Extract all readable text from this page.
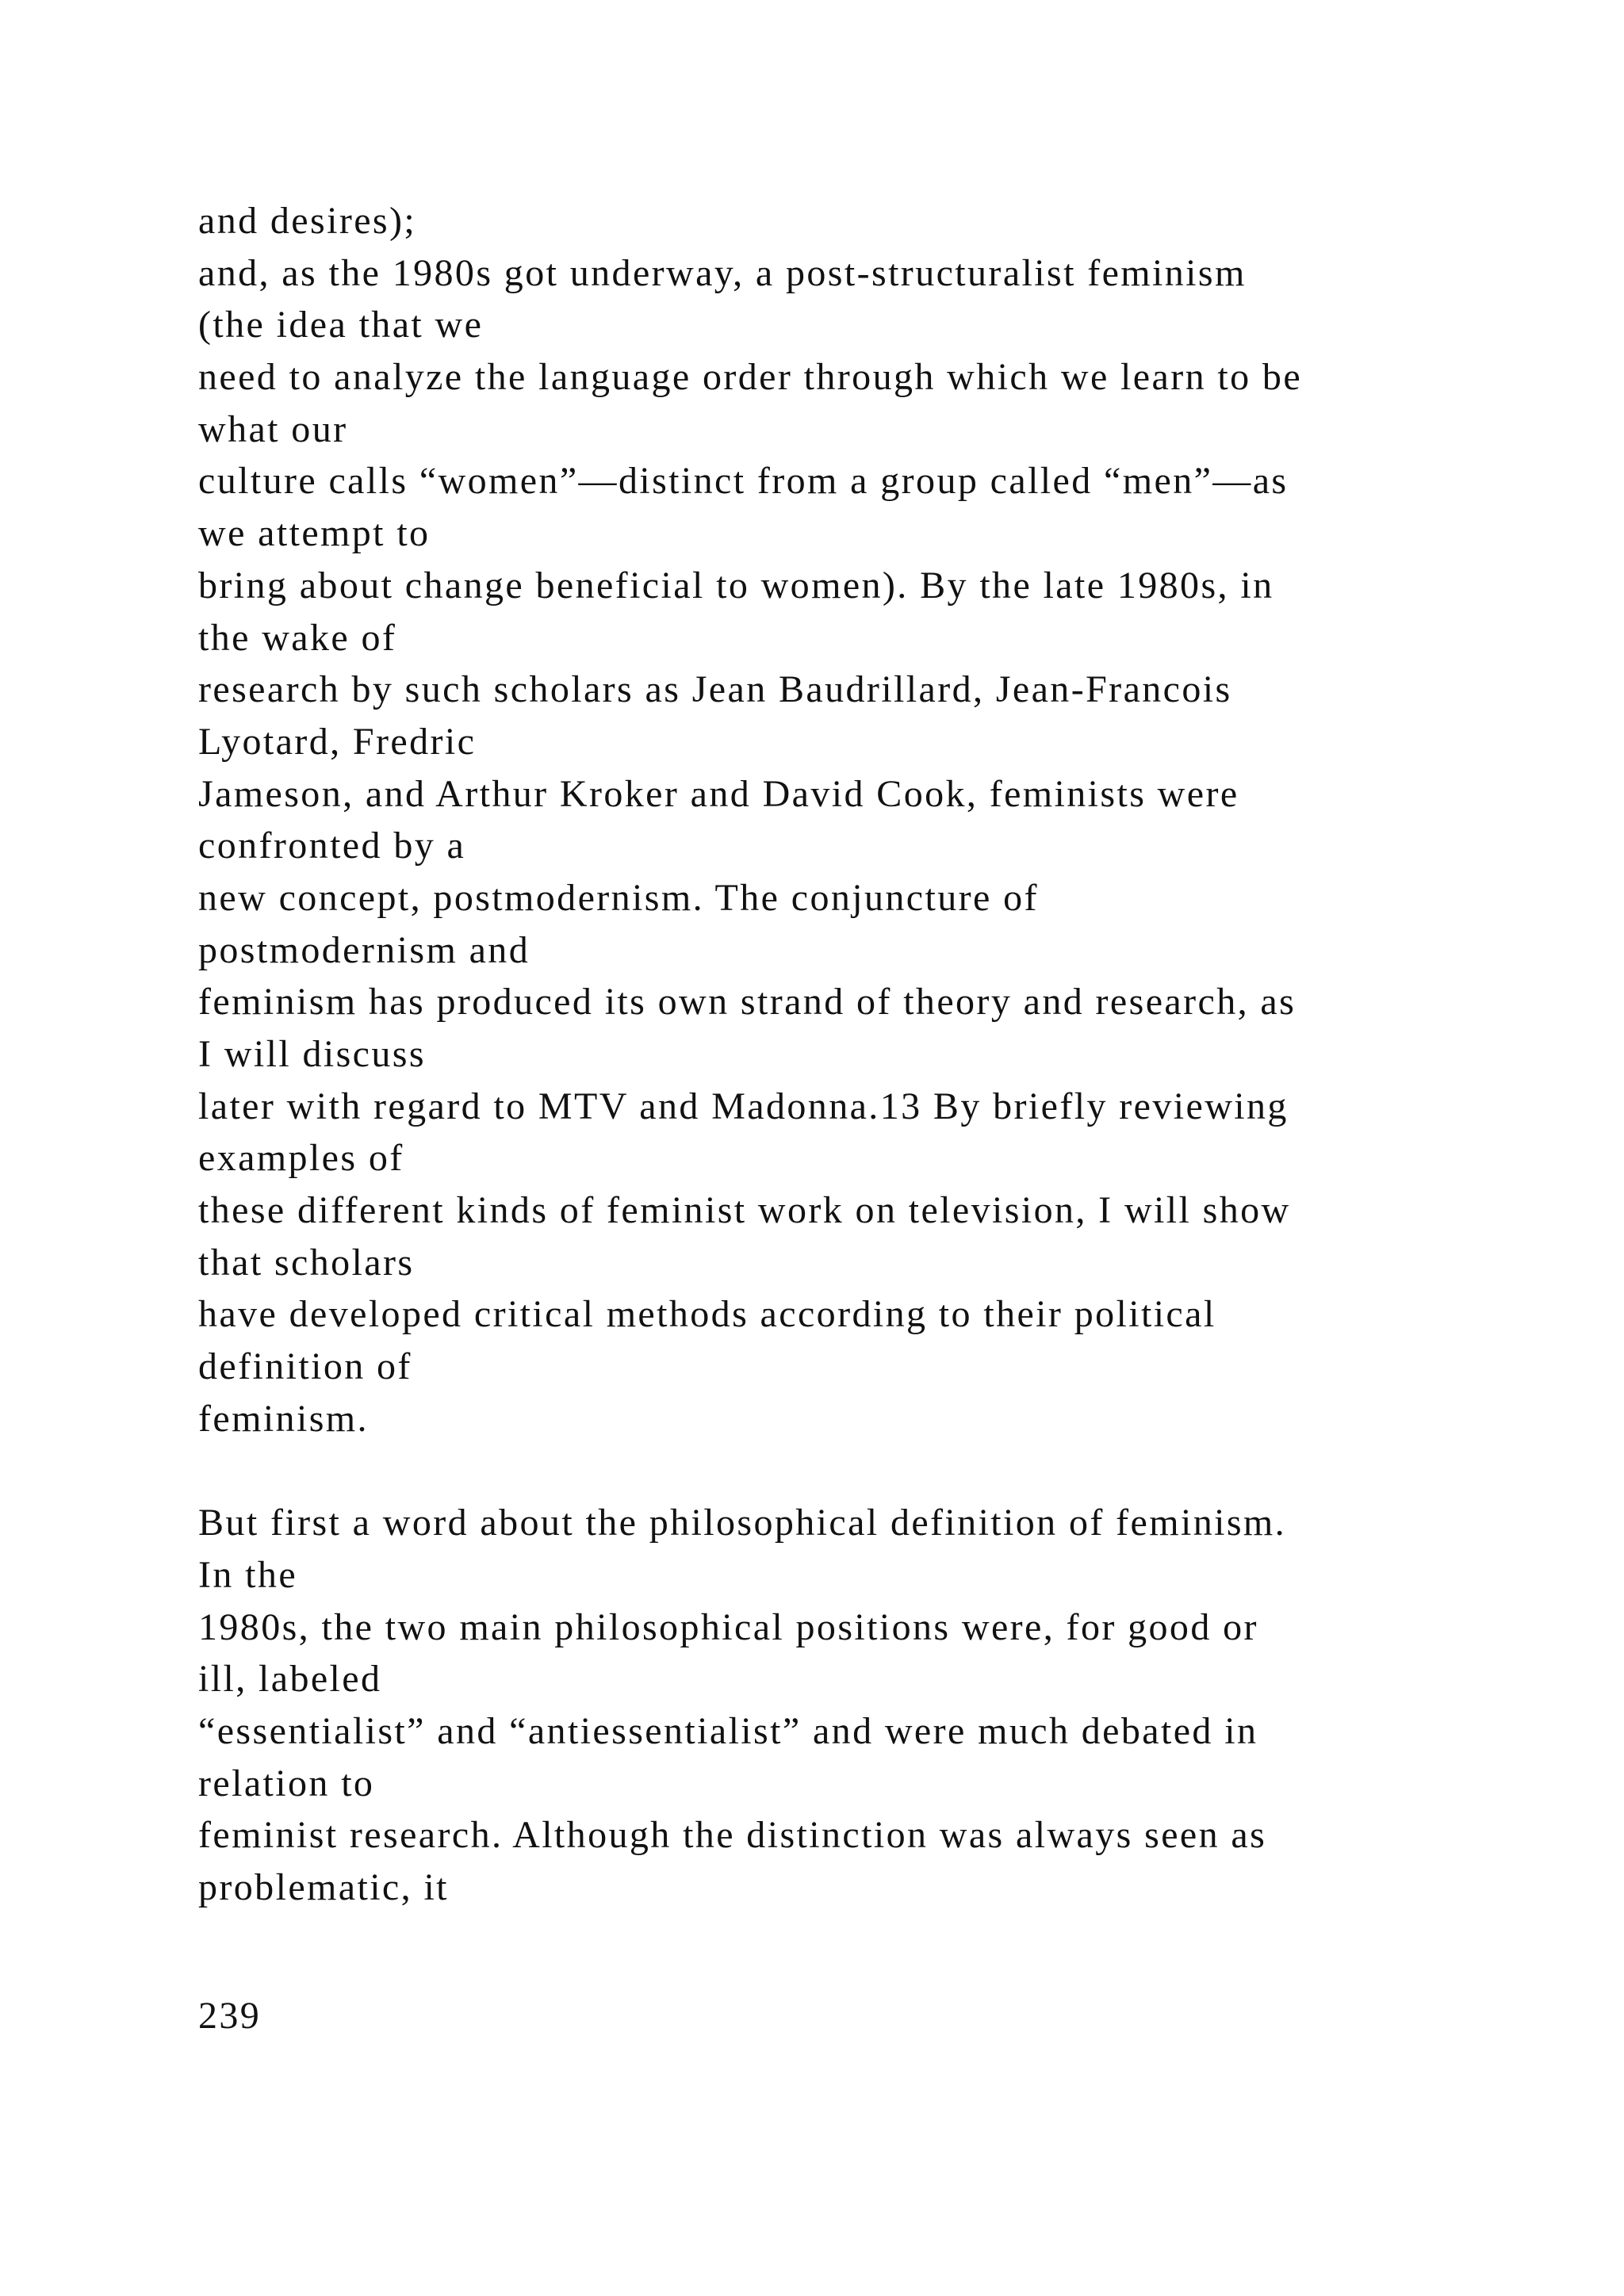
and desires);
and, as the 1980s got underway, a post-structuralist feminism
(the idea that we
need to analyze the language order through which we learn to be
what our
culture calls “women”—distinct from a group called “men”—as
we attempt to
bring about change beneficial to women). By the late 1980s, in
the wake of
research by such scholars as Jean Baudrillard, Jean-Francois
Lyotard, Fredric
Jameson, and Arthur Kroker and David Cook, feminists were
confronted by a
new concept, postmodernism. The conjuncture of
postmodernism and
feminism has produced its own strand of theory and research, as
I will discuss
later with regard to MTV and Madonna.13 By briefly reviewing
examples of
these different kinds of feminist work on television, I will show
that scholars
have developed critical methods according to their political
definition of
feminism.
But first a word about the philosophical definition of feminism.
In the
1980s, the two main philosophical positions were, for good or
ill, labeled
“essentialist” and “antiessentialist” and were much debated in
relation to
feminist research. Although the distinction was always seen as
problematic, it
239
